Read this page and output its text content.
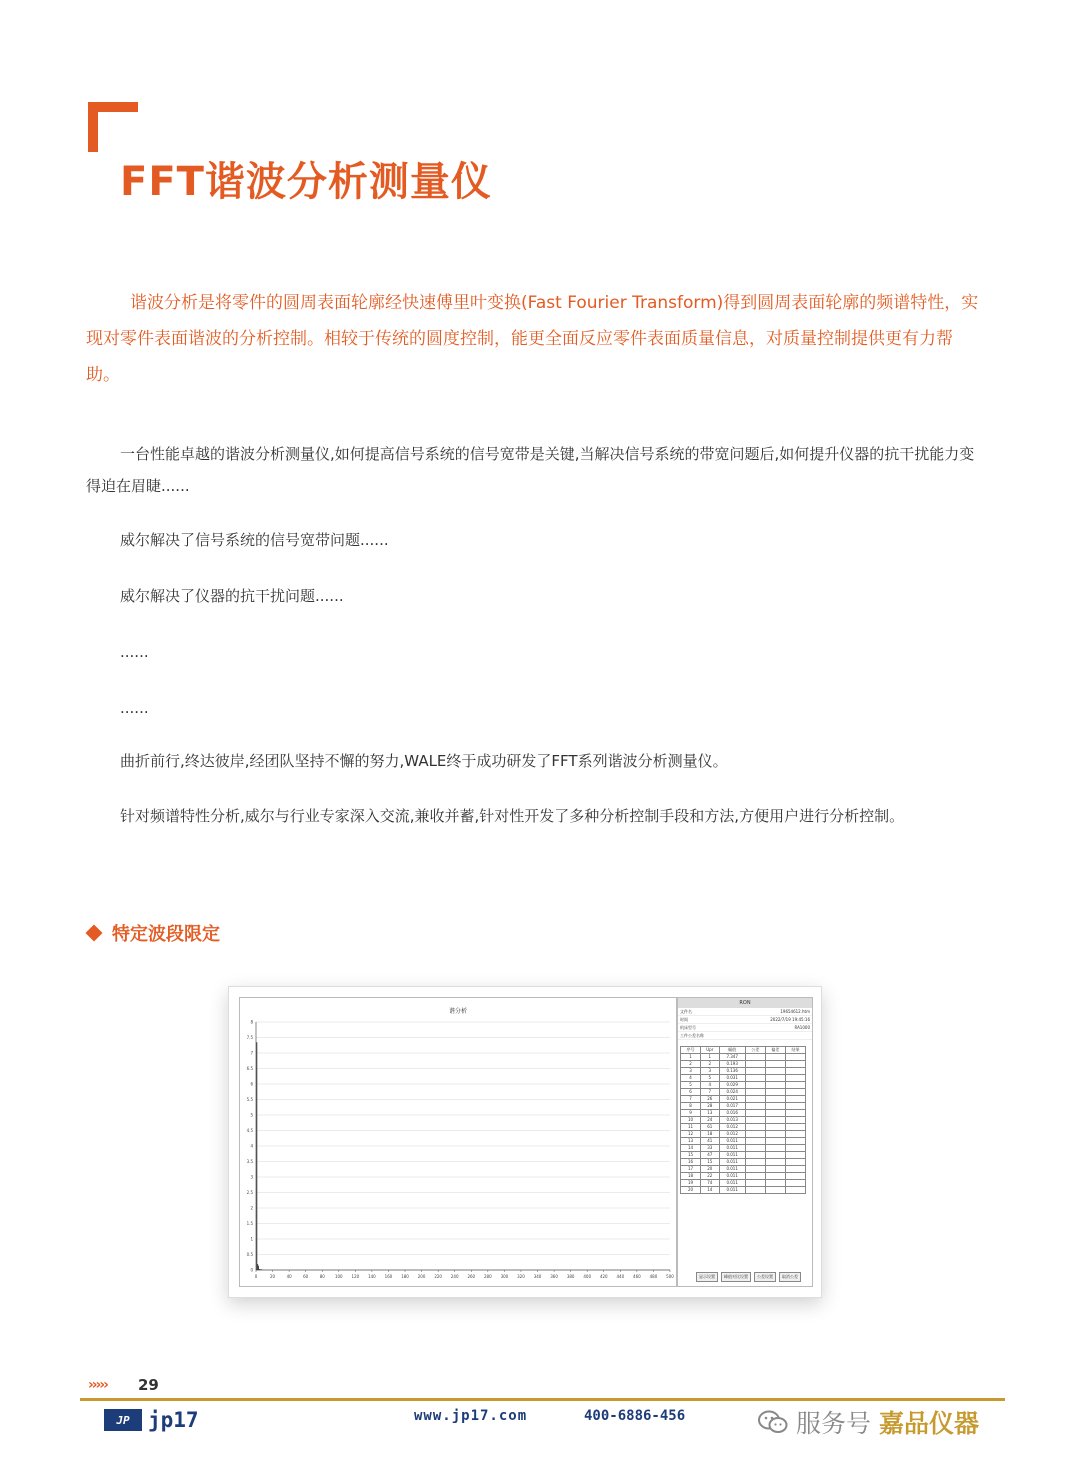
FFT谐波分析测量仪

谐波分析是将零件的圆周表面轮廓经快速傅里叶变换(Fast Fourier Transform)得到圆周表面轮廓的频谱特性，实现对零件表面谐波的分析控制。相较于传统的圆度控制，能更全面反应零件表面质量信息，对质量控制提供更有力帮助。

一台性能卓越的谐波分析测量仪,如何提高信号系统的信号宽带是关键,当解决信号系统的带宽问题后,如何提升仪器的抗干扰能力变得迫在眉睫......

威尔解决了信号系统的信号宽带问题......

威尔解决了仪器的抗干扰问题......

......

......

曲折前行,终达彼岸,经团队坚持不懈的努力,WALE终于成功研发了FFT系列谐波分析测量仪。

针对频谱特性分析,威尔与行业专家深入交流,兼收并蓄,针对性开发了多种分析控制手段和方法,方便用户进行分析控制。

特定波段限定
谐分析
0
0.5
1
1.5
2
2.5
3
3.5
4
4.5
5
5.5
6
6.5
7
7.5
8
0	20	40	60	80	100 120 140 160 180 200 220 240 260 280 300 320 340 360 380 400 420 440 460 480 500
RON
文件名	19654612.htm
时间	2022/7/19 19:45:16
机床型号	RA1000
工件公差名称
序号	Upr	幅值	公差	偏差	结果
1	1	7.347			
2	2	0.193			
3	3	0.136			
4	5	0.031			
5	4	0.029			
6	7	0.024			
7	26	0.021			
8	28	0.017			
9	13	0.016			
10	24	0.013			
11	61	0.012			
12	18	0.012			
13	41	0.011			
14	33	0.011			
15	47	0.011			
16	15	0.011			
17	20	0.011			
18	22	0.011			
19	74	0.011			
20	14	0.011			
显示设置	峰值对比设置	公差设置	取消公差
››››› 29
JP jp17	www.jp17.com	400-6886-456	服务号 嘉品仪器
